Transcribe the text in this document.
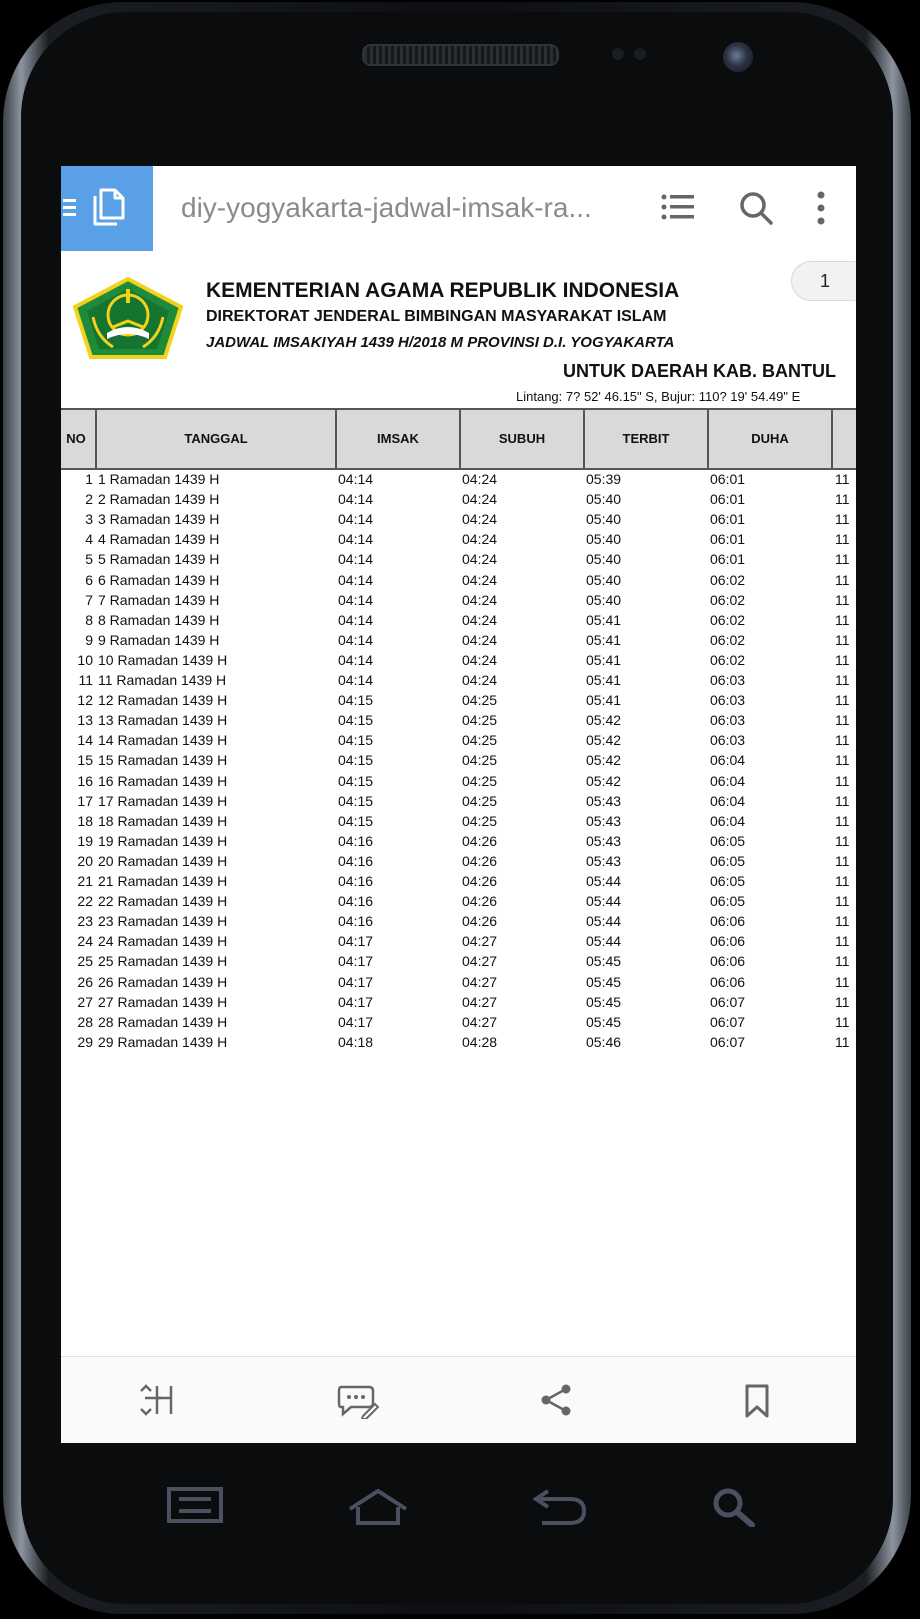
diy-yogyakarta-jadwal-imsak-ra...
KEMENTERIAN AGAMA REPUBLIK INDONESIA
DIREKTORAT JENDERAL BIMBINGAN MASYARAKAT ISLAM
JADWAL IMSAKIYAH 1439 H/2018 M PROVINSI D.I. YOGYAKARTA
1
UNTUK DAERAH KAB. BANTUL
Lintang: 7? 52' 46.15" S, Bujur: 110? 19' 54.49" E
NO	TANGGAL	IMSAK	SUBUH	TERBIT	DUHA
1 1 Ramadan 1439 H	04:14	04:24	05:39	06:01	11
2 2 Ramadan 1439 H	04:14	04:24	05:40	06:01	11
3 3 Ramadan 1439 H	04:14	04:24	05:40	06:01	11
4 4 Ramadan 1439 H	04:14	04:24	05:40	06:01	11
5 5 Ramadan 1439 H	04:14	04:24	05:40	06:01	11
6 6 Ramadan 1439 H	04:14	04:24	05:40	06:02	11
7 7 Ramadan 1439 H	04:14	04:24	05:40	06:02	11
8 8 Ramadan 1439 H	04:14	04:24	05:41	06:02	11
9 9 Ramadan 1439 H	04:14	04:24	05:41	06:02	11
10 10 Ramadan 1439 H	04:14	04:24	05:41	06:02	11
11 11 Ramadan 1439 H	04:14	04:24	05:41	06:03	11
12 12 Ramadan 1439 H	04:15	04:25	05:41	06:03	11
13 13 Ramadan 1439 H	04:15	04:25	05:42	06:03	11
14 14 Ramadan 1439 H	04:15	04:25	05:42	06:03	11
15 15 Ramadan 1439 H	04:15	04:25	05:42	06:04	11
16 16 Ramadan 1439 H	04:15	04:25	05:42	06:04	11
17 17 Ramadan 1439 H	04:15	04:25	05:43	06:04	11
18 18 Ramadan 1439 H	04:15	04:25	05:43	06:04	11
19 19 Ramadan 1439 H	04:16	04:26	05:43	06:05	11
20 20 Ramadan 1439 H	04:16	04:26	05:43	06:05	11
21 21 Ramadan 1439 H	04:16	04:26	05:44	06:05	11
22 22 Ramadan 1439 H	04:16	04:26	05:44	06:05	11
23 23 Ramadan 1439 H	04:16	04:26	05:44	06:06	11
24 24 Ramadan 1439 H	04:17	04:27	05:44	06:06	11
25 25 Ramadan 1439 H	04:17	04:27	05:45	06:06	11
26 26 Ramadan 1439 H	04:17	04:27	05:45	06:06	11
27 27 Ramadan 1439 H	04:17	04:27	05:45	06:07	11
28 28 Ramadan 1439 H	04:17	04:27	05:45	06:07	11
29 29 Ramadan 1439 H	04:18	04:28	05:46	06:07	11
